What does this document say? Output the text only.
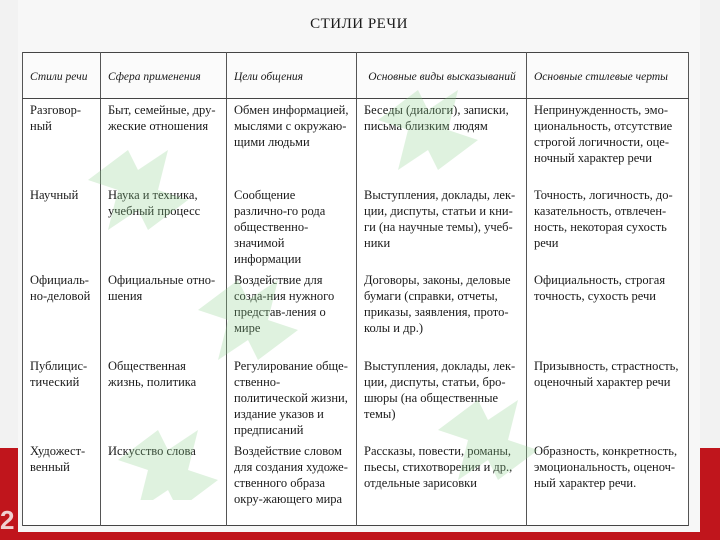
2
СТИЛИ РЕЧИ
Стили речи	Сфера применения	Цели общения	Основные виды высказываний	Основные стилевые черты
Разговор-ный	Быт, семейные, дру-жеские отношения	Обмен информацией, мыслями с окружаю-щими людьми	Беседы (диалоги), записки, письма близким людям	Непринужденность, эмо-циональность, отсутствие строгой логичности, оце-ночный характер речи
Научный	Наука и техника, учебный процесс	Сообщение различно-го рода общественно-значимой информации	Выступления, доклады, лек-ции, диспуты, статьи и кни-ги (на научные темы), учеб-ники	Точность, логичность, до-казательность, отвлечен-ность, некоторая сухость речи
Официаль-но-деловой	Официальные отно-шения	Воздействие для созда-ния нужного представ-ления о мире	Договоры, законы, деловые бумаги (справки, отчеты, приказы, заявления, прото-колы и др.)	Официальность, строгая точность, сухость речи
Публицис-тический	Общественная жизнь, политика	Регулирование обще-ственно-политической жизни, издание указов и предписаний	Выступления, доклады, лек-ции, диспуты, статьи, бро-шюры (на общественные темы)	Призывность, страстность, оценочный характер речи
Художест-венный	Искусство слова	Воздействие словом для создания художе-ственного образа окру-жающего мира	Рассказы, повести, романы, пьесы, стихотворения и др., отдельные зарисовки	Образность, конкретность, эмоциональность, оценоч-ный характер речи.
